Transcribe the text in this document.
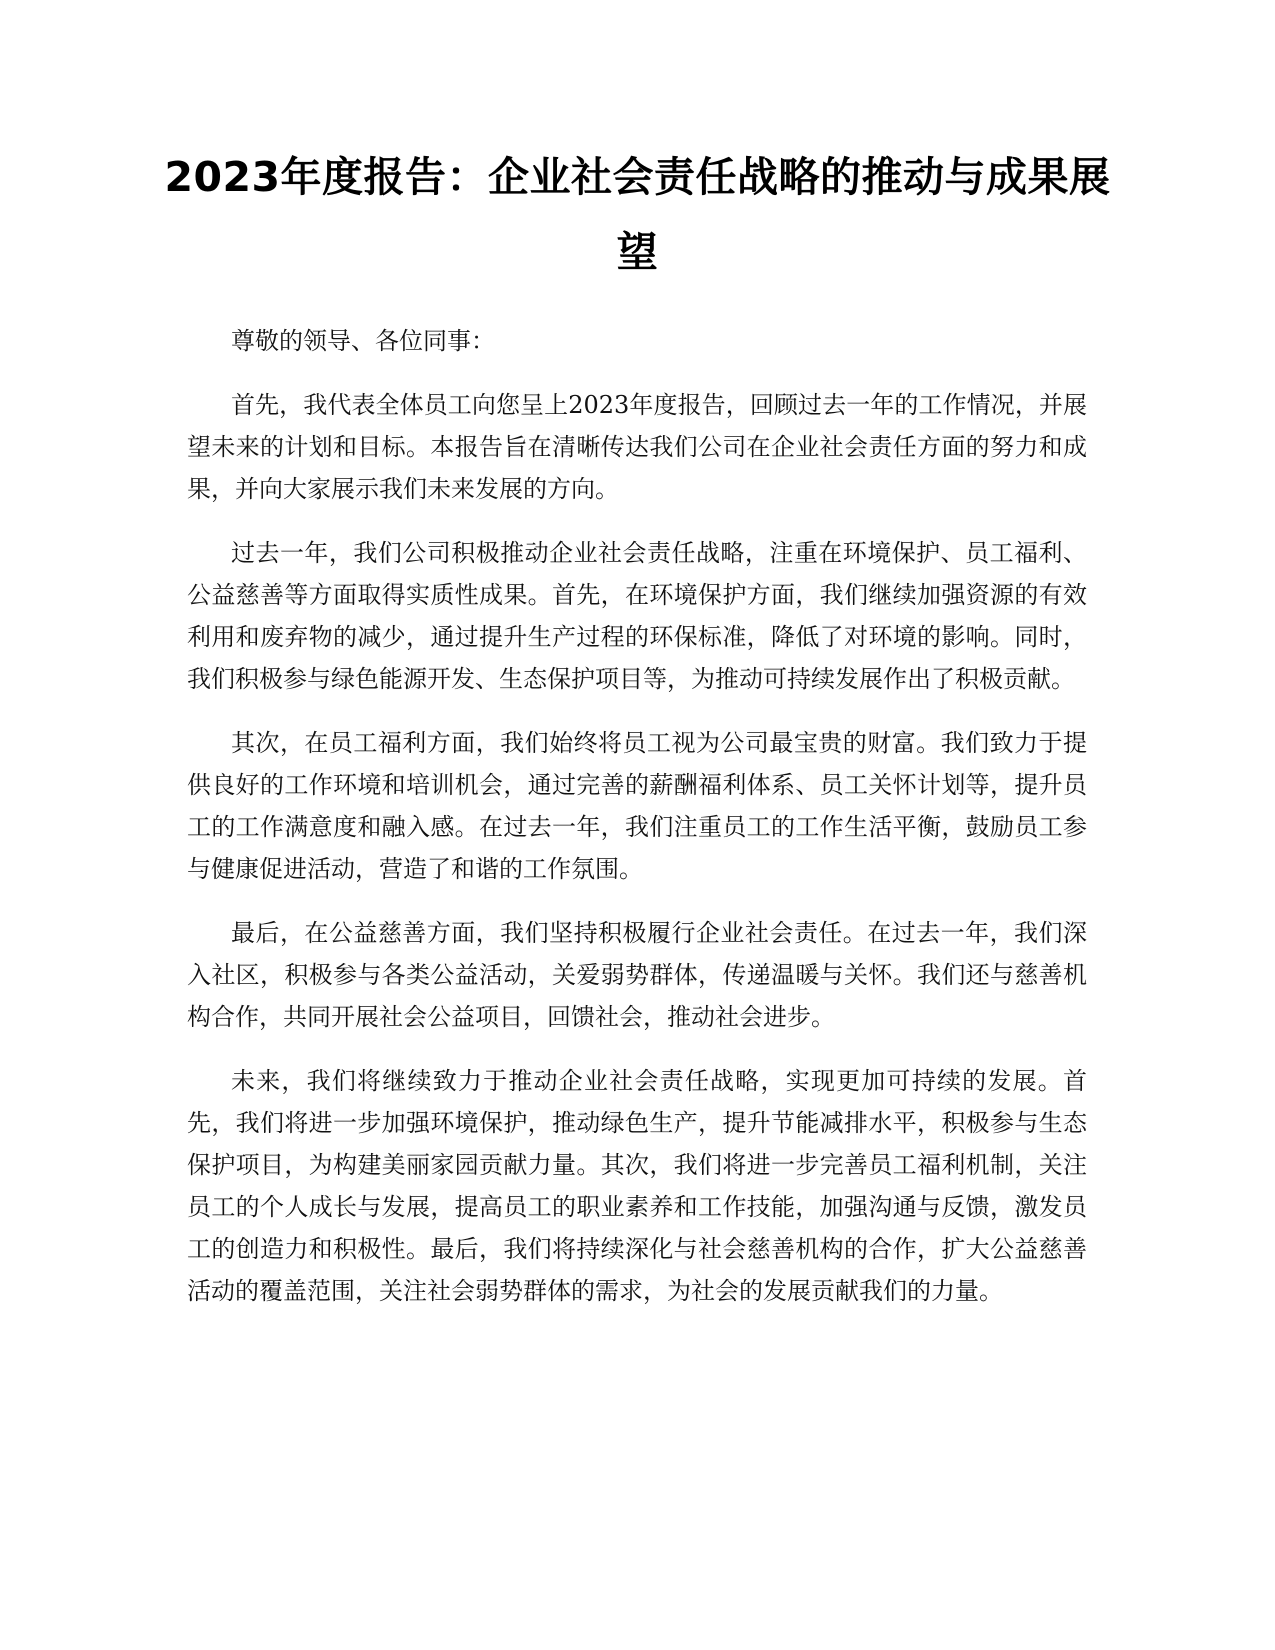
2023年度报告：企业社会责任战略的推动与成果展望

尊敬的领导、各位同事：

首先，我代表全体员工向您呈上2023年度报告，回顾过去一年的工作情况，并展望未来的计划和目标。本报告旨在清晰传达我们公司在企业社会责任方面的努力和成果，并向大家展示我们未来发展的方向。

过去一年，我们公司积极推动企业社会责任战略，注重在环境保护、员工福利、公益慈善等方面取得实质性成果。首先，在环境保护方面，我们继续加强资源的有效利用和废弃物的减少，通过提升生产过程的环保标准，降低了对环境的影响。同时，我们积极参与绿色能源开发、生态保护项目等，为推动可持续发展作出了积极贡献。

其次，在员工福利方面，我们始终将员工视为公司最宝贵的财富。我们致力于提供良好的工作环境和培训机会，通过完善的薪酬福利体系、员工关怀计划等，提升员工的工作满意度和融入感。在过去一年，我们注重员工的工作生活平衡，鼓励员工参与健康促进活动，营造了和谐的工作氛围。

最后，在公益慈善方面，我们坚持积极履行企业社会责任。在过去一年，我们深入社区，积极参与各类公益活动，关爱弱势群体，传递温暖与关怀。我们还与慈善机构合作，共同开展社会公益项目，回馈社会，推动社会进步。

未来，我们将继续致力于推动企业社会责任战略，实现更加可持续的发展。首先，我们将进一步加强环境保护，推动绿色生产，提升节能减排水平，积极参与生态保护项目，为构建美丽家园贡献力量。其次，我们将进一步完善员工福利机制，关注员工的个人成长与发展，提高员工的职业素养和工作技能，加强沟通与反馈，激发员工的创造力和积极性。最后，我们将持续深化与社会慈善机构的合作，扩大公益慈善活动的覆盖范围，关注社会弱势群体的需求，为社会的发展贡献我们的力量。
